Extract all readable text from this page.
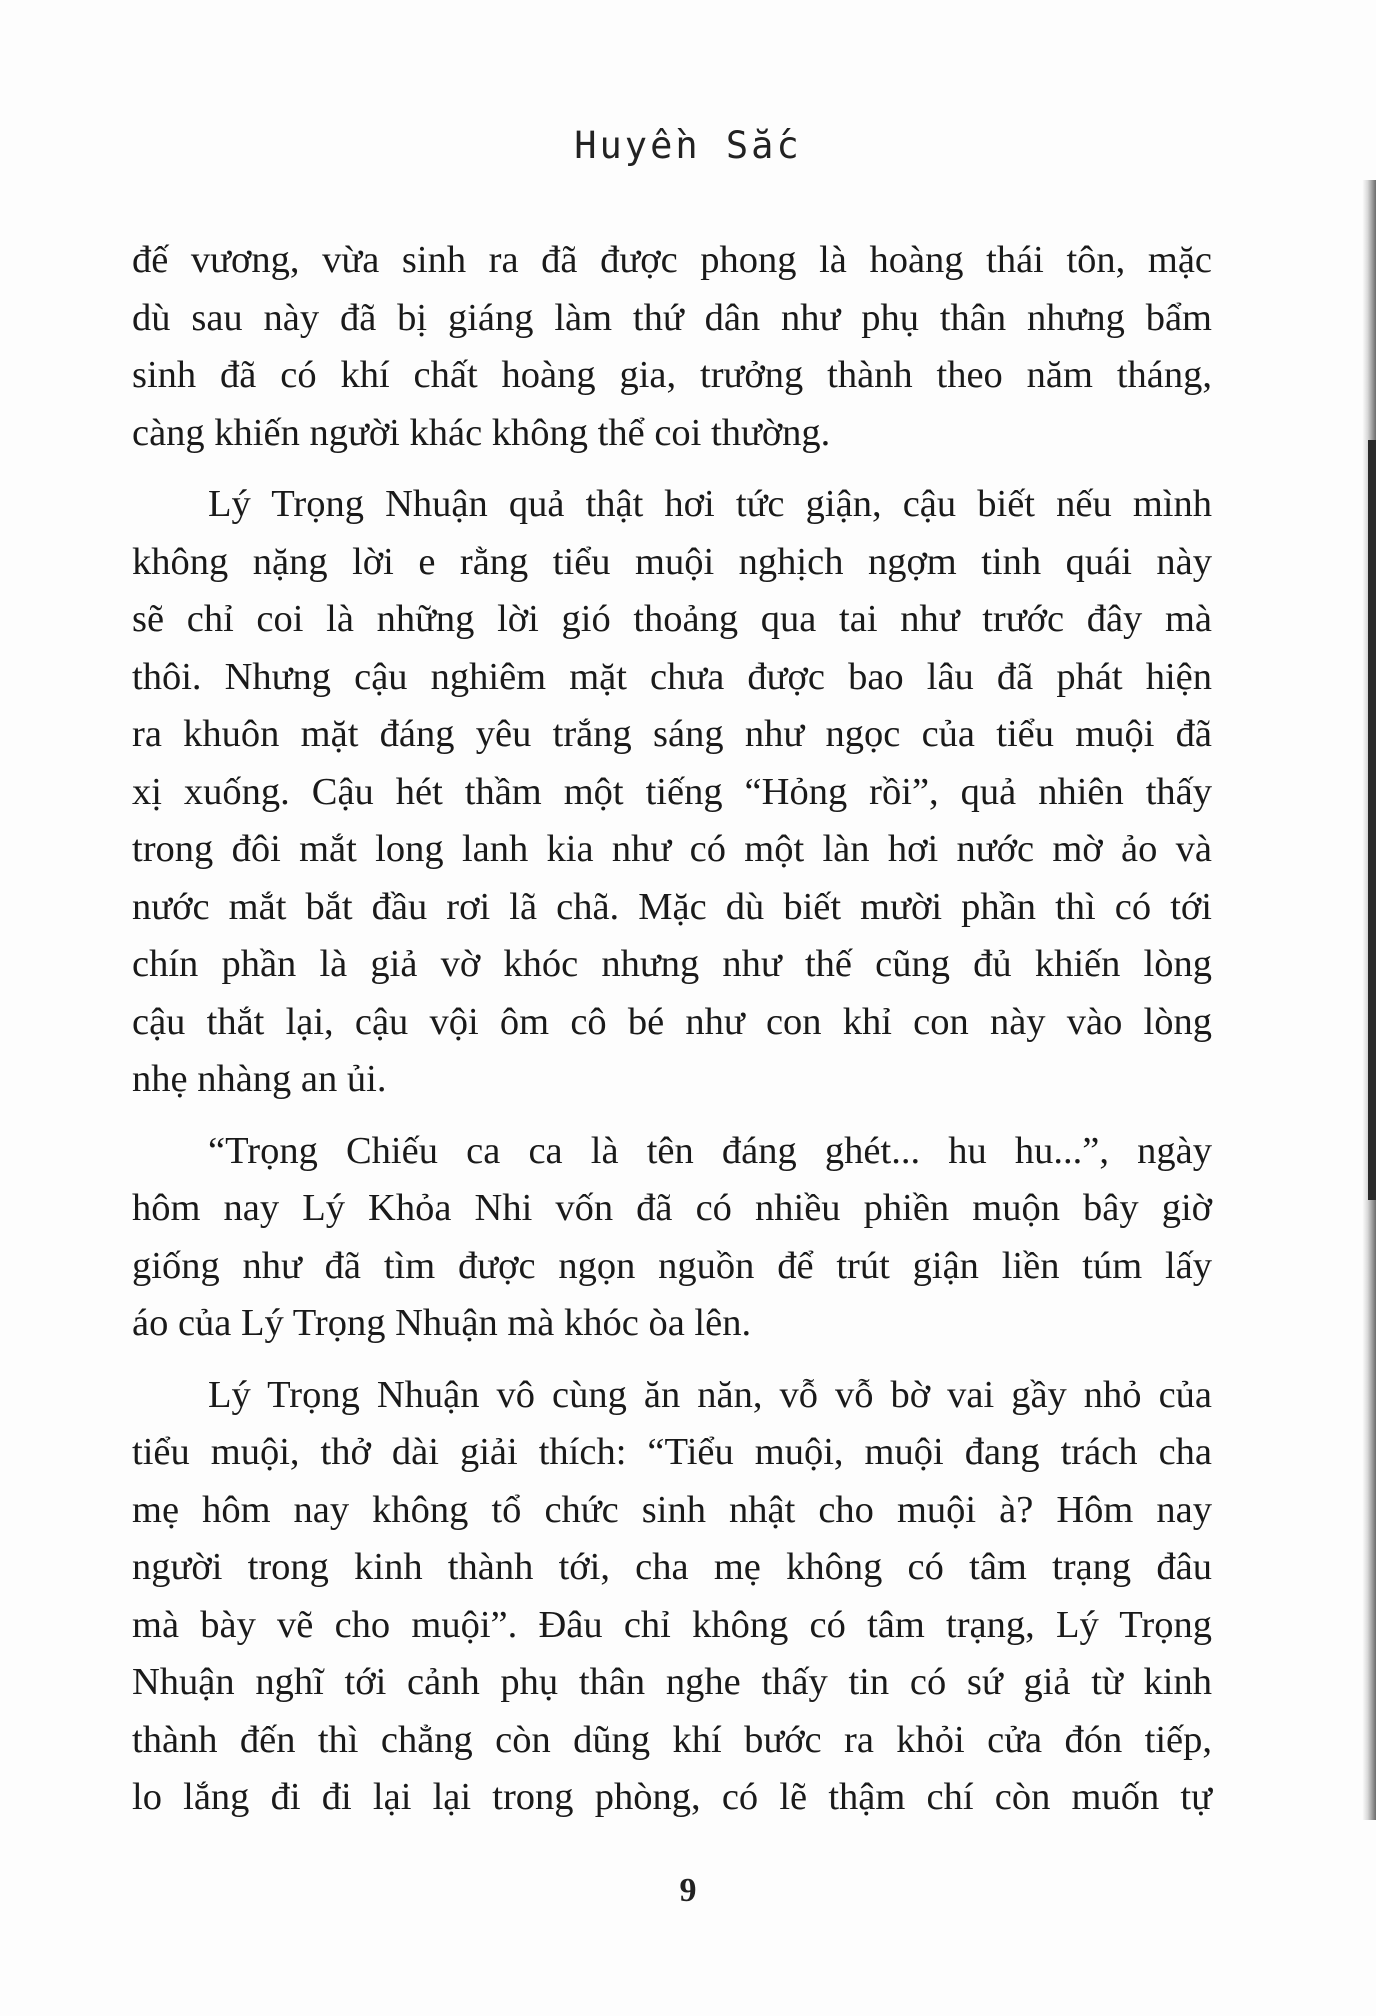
Huyền Sắc

đế vương, vừa sinh ra đã được phong là hoàng thái tôn, mặc
dù sau này đã bị giáng làm thứ dân như phụ thân nhưng bẩm
sinh đã có khí chất hoàng gia, trưởng thành theo năm tháng,
càng khiến người khác không thể coi thường.

Lý Trọng Nhuận quả thật hơi tức giận, cậu biết nếu mình
không nặng lời e rằng tiểu muội nghịch ngợm tinh quái này
sẽ chỉ coi là những lời gió thoảng qua tai như trước đây mà
thôi. Nhưng cậu nghiêm mặt chưa được bao lâu đã phát hiện
ra khuôn mặt đáng yêu trắng sáng như ngọc của tiểu muội đã
xị xuống. Cậu hét thầm một tiếng “Hỏng rồi”, quả nhiên thấy
trong đôi mắt long lanh kia như có một làn hơi nước mờ ảo và
nước mắt bắt đầu rơi lã chã. Mặc dù biết mười phần thì có tới
chín phần là giả vờ khóc nhưng như thế cũng đủ khiến lòng
cậu thắt lại, cậu vội ôm cô bé như con khỉ con này vào lòng
nhẹ nhàng an ủi.

“Trọng Chiếu ca ca là tên đáng ghét... hu hu...”, ngày
hôm nay Lý Khỏa Nhi vốn đã có nhiều phiền muộn bây giờ
giống như đã tìm được ngọn nguồn để trút giận liền túm lấy
áo của Lý Trọng Nhuận mà khóc òa lên.

Lý Trọng Nhuận vô cùng ăn năn, vỗ vỗ bờ vai gầy nhỏ của
tiểu muội, thở dài giải thích: “Tiểu muội, muội đang trách cha
mẹ hôm nay không tổ chức sinh nhật cho muội à? Hôm nay
người trong kinh thành tới, cha mẹ không có tâm trạng đâu
mà bày vẽ cho muội”. Đâu chỉ không có tâm trạng, Lý Trọng
Nhuận nghĩ tới cảnh phụ thân nghe thấy tin có sứ giả từ kinh
thành đến thì chẳng còn dũng khí bước ra khỏi cửa đón tiếp,
lo lắng đi đi lại lại trong phòng, có lẽ thậm chí còn muốn tự

9
